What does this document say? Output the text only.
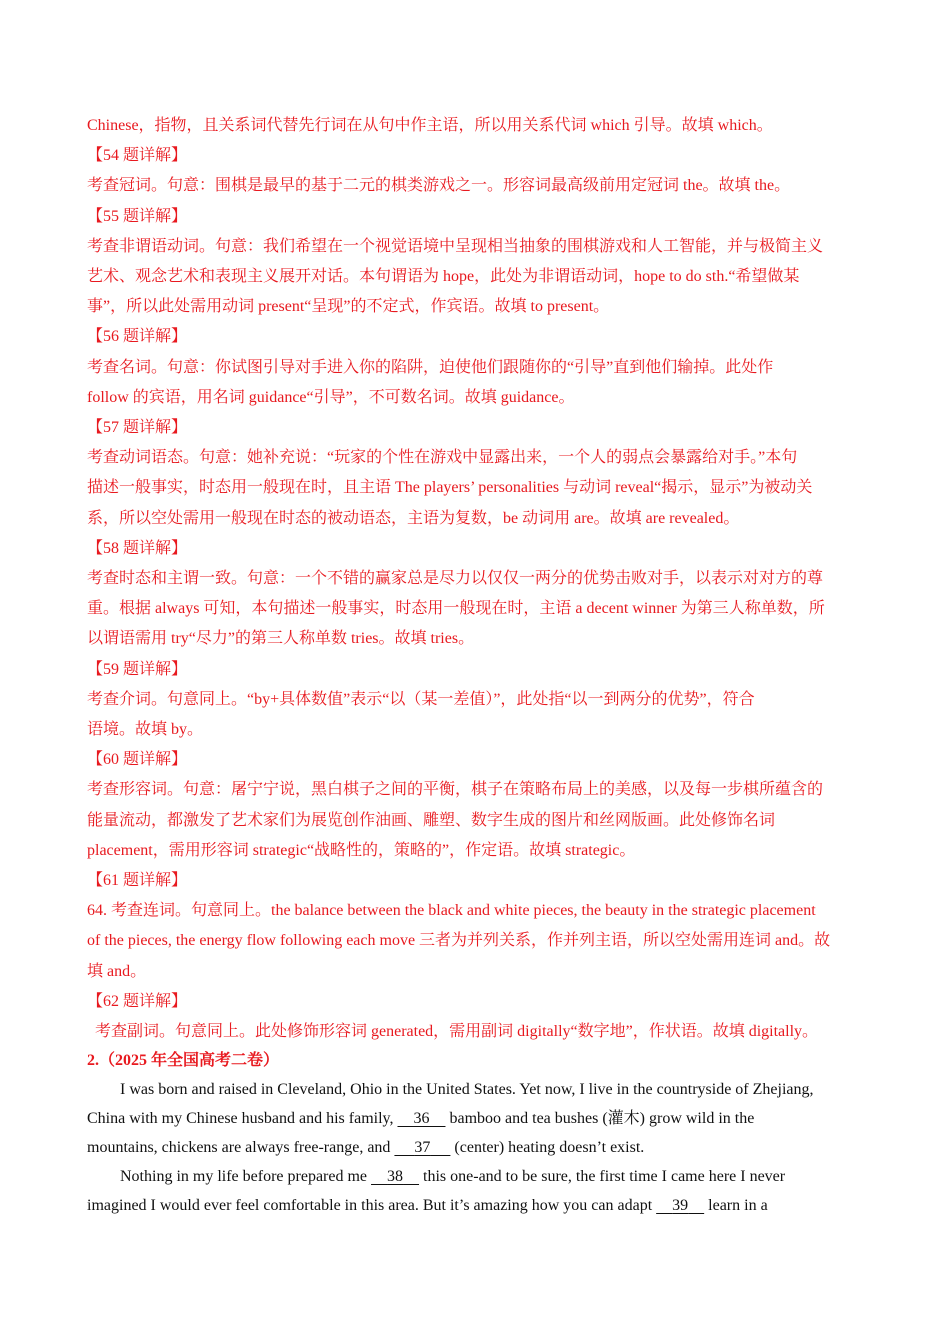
Chinese，指物，且关系词代替先行词在从句中作主语，所以用关系代词 which 引导。故填 which。
【54 题详解】
考查冠词。句意：围棋是最早的基于二元的棋类游戏之一。形容词最高级前用定冠词 the。故填 the。
【55 题详解】
考查非谓语动词。句意：我们希望在一个视觉语境中呈现相当抽象的围棋游戏和人工智能，并与极简主义
艺术、观念艺术和表现主义展开对话。本句谓语为 hope，此处为非谓语动词，hope to do sth.“希望做某
事”，所以此处需用动词 present“呈现”的不定式，作宾语。故填 to present。
【56 题详解】
考查名词。句意：你试图引导对手进入你的陷阱，迫使他们跟随你的“引导”直到他们输掉。此处作
follow 的宾语，用名词 guidance“引导”，不可数名词。故填 guidance。
【57 题详解】
考查动词语态。句意：她补充说：“玩家的个性在游戏中显露出来，一个人的弱点会暴露给对手。”本句
描述一般事实，时态用一般现在时，且主语 The players’ personalities 与动词 reveal“揭示，显示”为被动关
系，所以空处需用一般现在时态的被动语态，主语为复数，be 动词用 are。故填 are revealed。
【58 题详解】
考查时态和主谓一致。句意：一个不错的赢家总是尽力以仅仅一两分的优势击败对手，以表示对对方的尊
重。根据 always 可知，本句描述一般事实，时态用一般现在时，主语 a decent winner 为第三人称单数，所
以谓语需用 try“尽力”的第三人称单数 tries。故填 tries。
【59 题详解】
考查介词。句意同上。“by+具体数值”表示“以（某一差值）”，此处指“以一到两分的优势”，符合
语境。故填 by。
【60 题详解】
考查形容词。句意：屠宁宁说，黑白棋子之间的平衡，棋子在策略布局上的美感，以及每一步棋所蕴含的
能量流动，都激发了艺术家们为展览创作油画、雕塑、数字生成的图片和丝网版画。此处修饰名词
placement，需用形容词 strategic“战略性的，策略的”，作定语。故填 strategic。
【61 题详解】
64. 考查连词。句意同上。the balance between the black and white pieces, the beauty in the strategic placement
of the pieces, the energy flow following each move 三者为并列关系，作并列主语，所以空处需用连词 and。故
填 and。
【62 题详解】
考查副词。句意同上。此处修饰形容词 generated，需用副词 digitally“数字地”，作状语。故填 digitally。
2.（2025 年全国高考二卷）
I was born and raised in Cleveland, Ohio in the United States. Yet now, I live in the countryside of Zhejiang,
China with my Chinese husband and his family,     36     bamboo and tea bushes (灌木) grow wild in the
mountains, chickens are always free-range, and      37      (center) heating doesn’t exist.
Nothing in my life before prepared me     38     this one-and to be sure, the first time I came here I never
imagined I would ever feel comfortable in this area. But it’s amazing how you can adapt     39     learn in a
